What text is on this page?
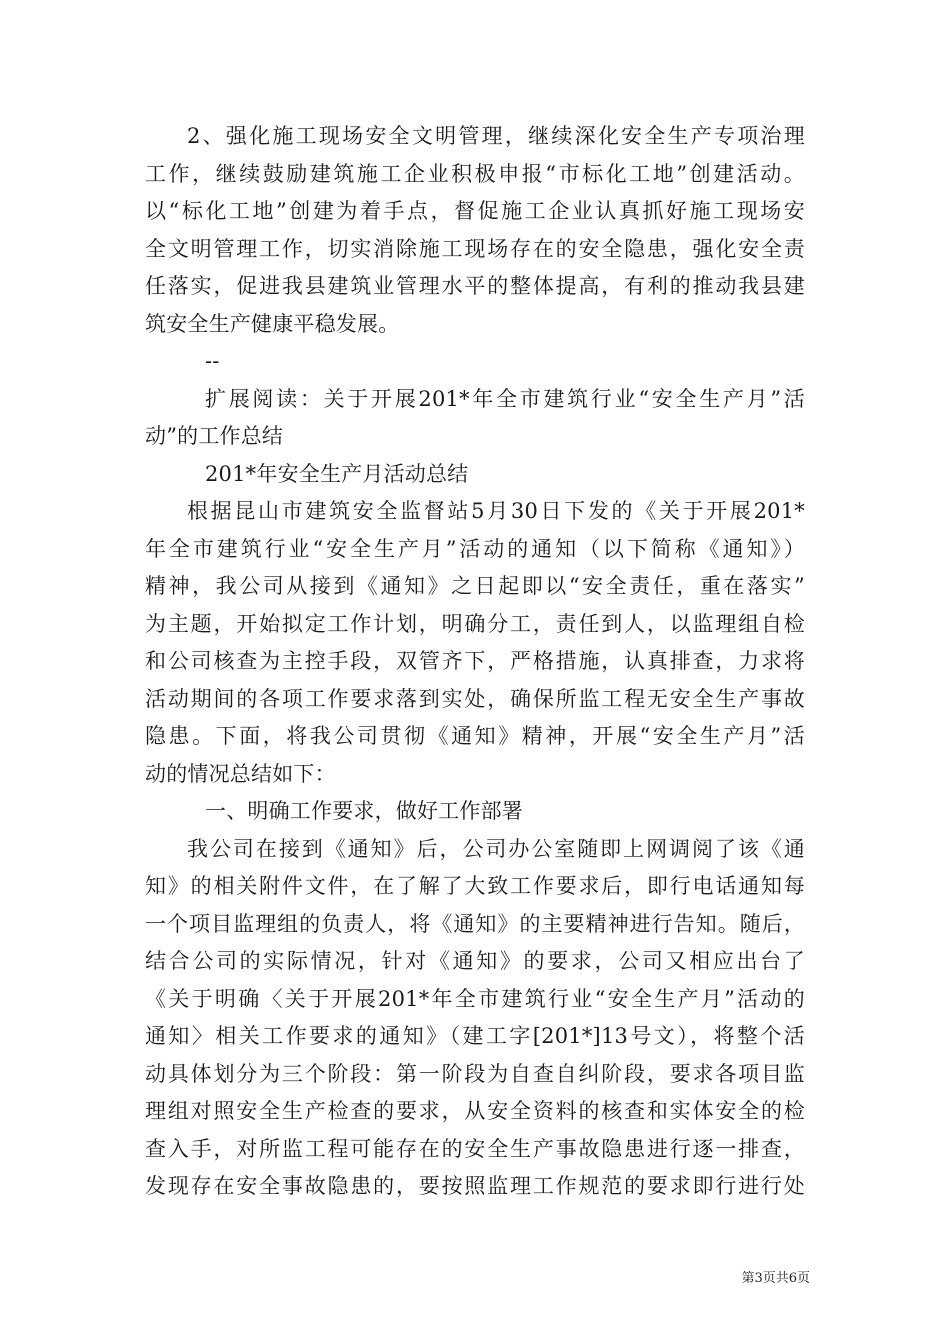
2、强化施工现场安全文明管理，继续深化安全生产专项治理
工作，继续鼓励建筑施工企业积极申报“市标化工地”创建活动。
以“标化工地”创建为着手点，督促施工企业认真抓好施工现场安
全文明管理工作，切实消除施工现场存在的安全隐患，强化安全责
任落实，促进我县建筑业管理水平的整体提高，有利的推动我县建
筑安全生产健康平稳发展。
--
扩展阅读：关于开展201*年全市建筑行业“安全生产月”活
动”的工作总结
201*年安全生产月活动总结
根据昆山市建筑安全监督站5月30日下发的《关于开展201*
年全市建筑行业“安全生产月”活动的通知（以下简称《通知》）
精神，我公司从接到《通知》之日起即以“安全责任，重在落实”
为主题，开始拟定工作计划，明确分工，责任到人，以监理组自检
和公司核查为主控手段，双管齐下，严格措施，认真排查，力求将
活动期间的各项工作要求落到实处，确保所监工程无安全生产事故
隐患。下面，将我公司贯彻《通知》精神，开展“安全生产月”活
动的情况总结如下：
一、明确工作要求，做好工作部署
我公司在接到《通知》后，公司办公室随即上网调阅了该《通
知》的相关附件文件，在了解了大致工作要求后，即行电话通知每
一个项目监理组的负责人，将《通知》的主要精神进行告知。随后，
结合公司的实际情况，针对《通知》的要求，公司又相应出台了
《关于明确〈关于开展201*年全市建筑行业“安全生产月”活动的
通知〉相关工作要求的通知》（建工字[201*]13号文），将整个活
动具体划分为三个阶段：第一阶段为自查自纠阶段，要求各项目监
理组对照安全生产检查的要求，从安全资料的核查和实体安全的检
查入手，对所监工程可能存在的安全生产事故隐患进行逐一排查，
发现存在安全事故隐患的，要按照监理工作规范的要求即行进行处
第3页共6页
